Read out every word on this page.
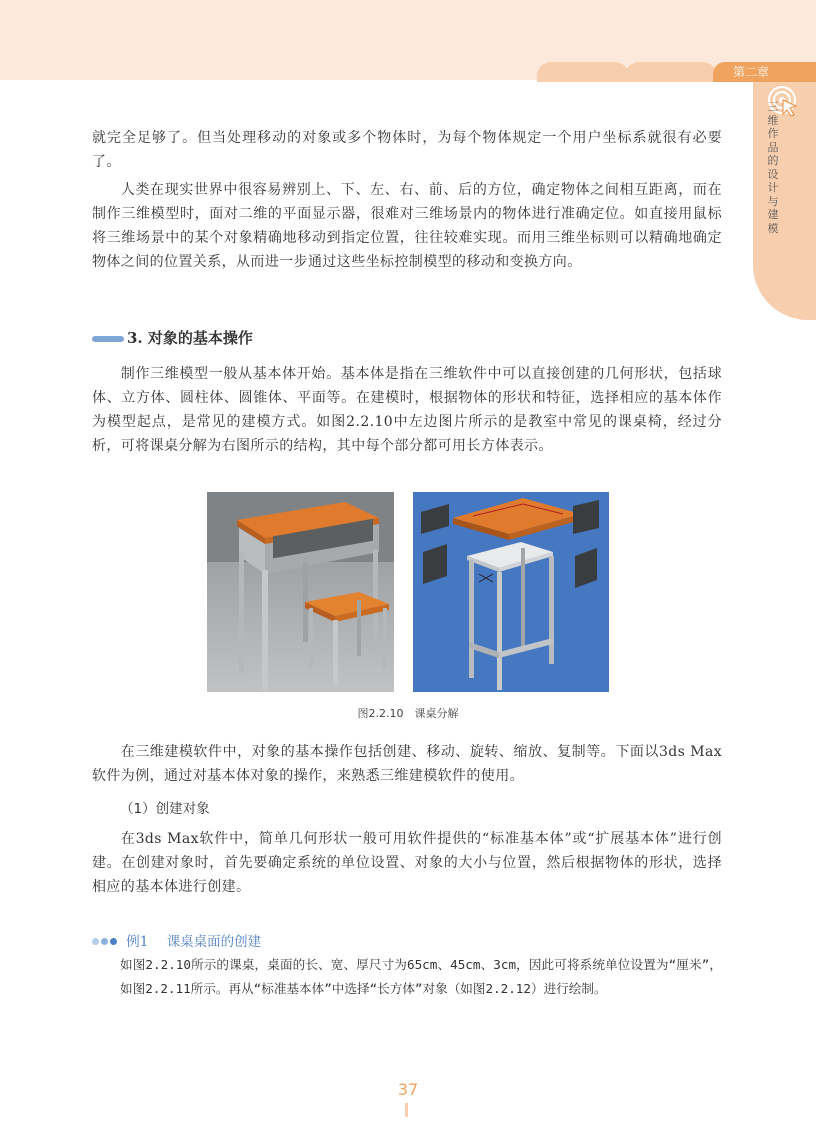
第二章
三维作品的设计与建模

就完全足够了。但当处理移动的对象或多个物体时，为每个物体规定一个用户坐标系就很有必要了。

人类在现实世界中很容易辨别上、下、左、右、前、后的方位，确定物体之间相互距离，而在制作三维模型时，面对二维的平面显示器，很难对三维场景内的物体进行准确定位。如直接用鼠标将三维场景中的某个对象精确地移动到指定位置，往往较难实现。而用三维坐标则可以精确地确定物体之间的位置关系，从而进一步通过这些坐标控制模型的移动和变换方向。

3. 对象的基本操作

制作三维模型一般从基本体开始。基本体是指在三维软件中可以直接创建的几何形状，包括球体、立方体、圆柱体、圆锥体、平面等。在建模时，根据物体的形状和特征，选择相应的基本体作为模型起点，是常见的建模方式。如图2.2.10中左边图片所示的是教室中常见的课桌椅，经过分析，可将课桌分解为右图所示的结构，其中每个部分都可用长方体表示。

图2.2.10　课桌分解

在三维建模软件中，对象的基本操作包括创建、移动、旋转、缩放、复制等。下面以3ds Max软件为例，通过对基本体对象的操作，来熟悉三维建模软件的使用。

（1）创建对象

在3ds Max软件中，简单几何形状一般可用软件提供的“标准基本体”或“扩展基本体”进行创建。在创建对象时，首先要确定系统的单位设置、对象的大小与位置，然后根据物体的形状，选择相应的基本体进行创建。

例1 课桌桌面的创建

如图2.2.10所示的课桌，桌面的长、宽、厚尺寸为65cm、45cm、3cm，因此可将系统单位设置为“厘米”，如图2.2.11所示。再从“标准基本体”中选择“长方体”对象（如图2.2.12）进行绘制。

37
